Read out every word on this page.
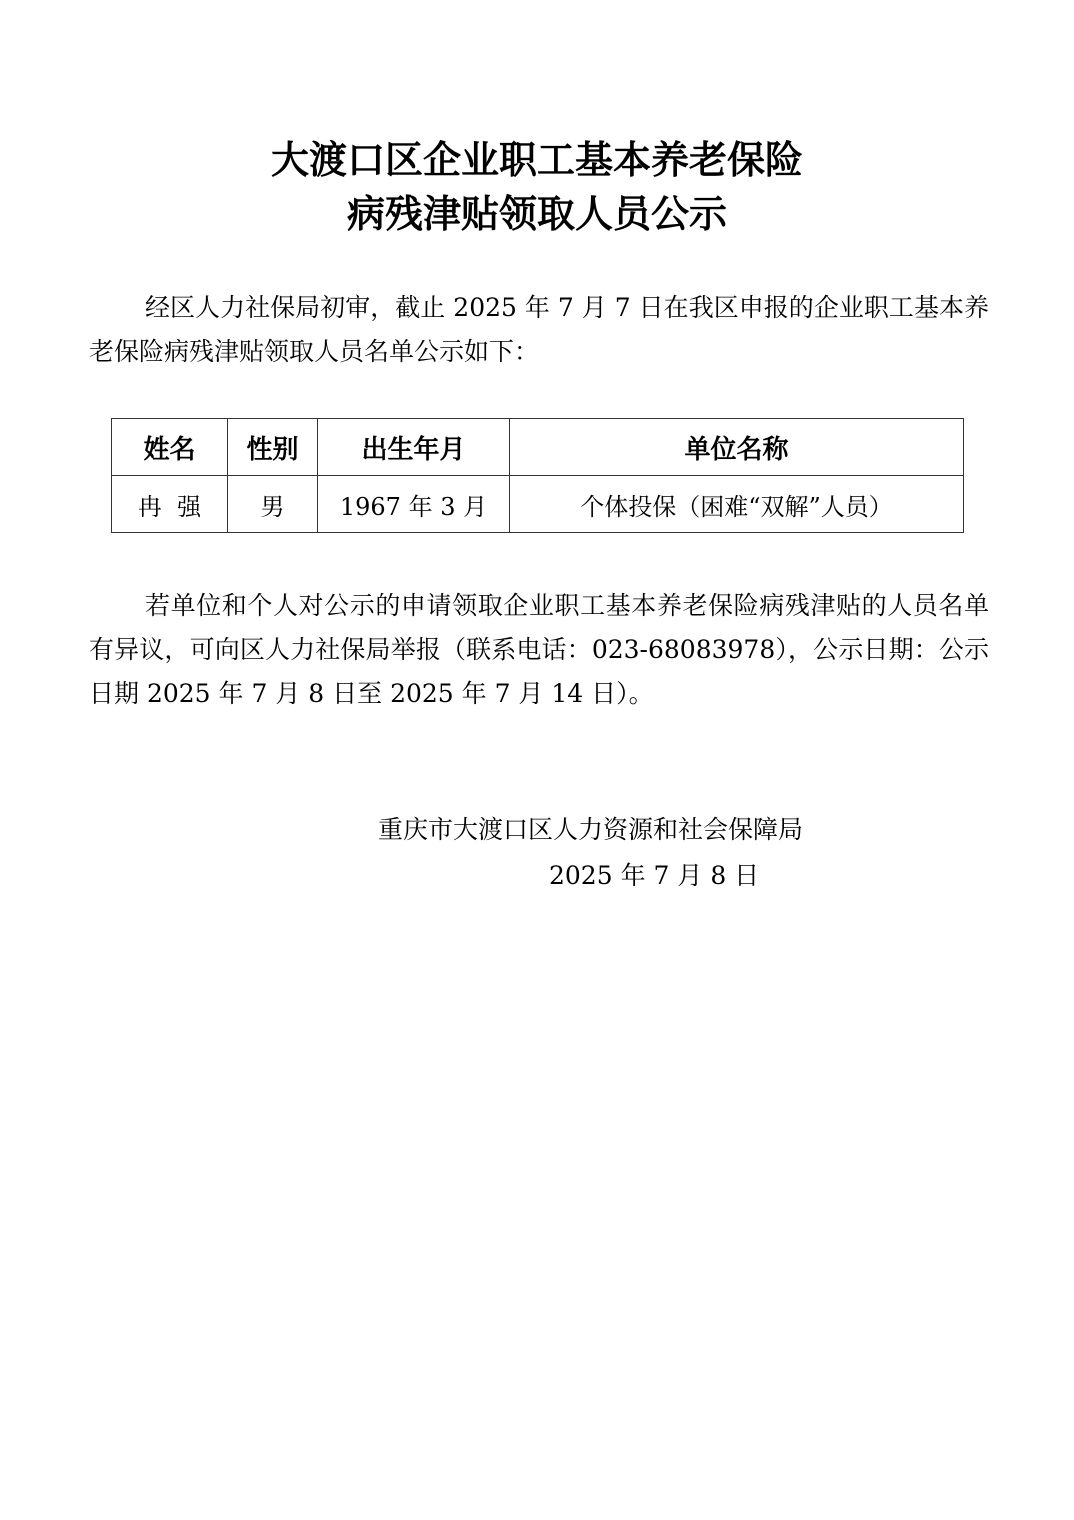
大渡口区企业职工基本养老保险
病残津贴领取人员公示

经区人力社保局初审，截止 2025 年 7 月 7 日在我区申报的企业职工基本养老保险病残津贴领取人员名单公示如下：

姓名	性别	出生年月	单位名称
冉  强	男	1967 年 3 月	个体投保（困难“双解”人员）

若单位和个人对公示的申请领取企业职工基本养老保险病残津贴的人员名单有异议，可向区人力社保局举报（联系电话：023-68083978），公示日期：公示日期 2025 年 7 月 8 日至 2025 年 7 月 14 日）。

重庆市大渡口区人力资源和社会保障局

2025 年 7 月 8 日
